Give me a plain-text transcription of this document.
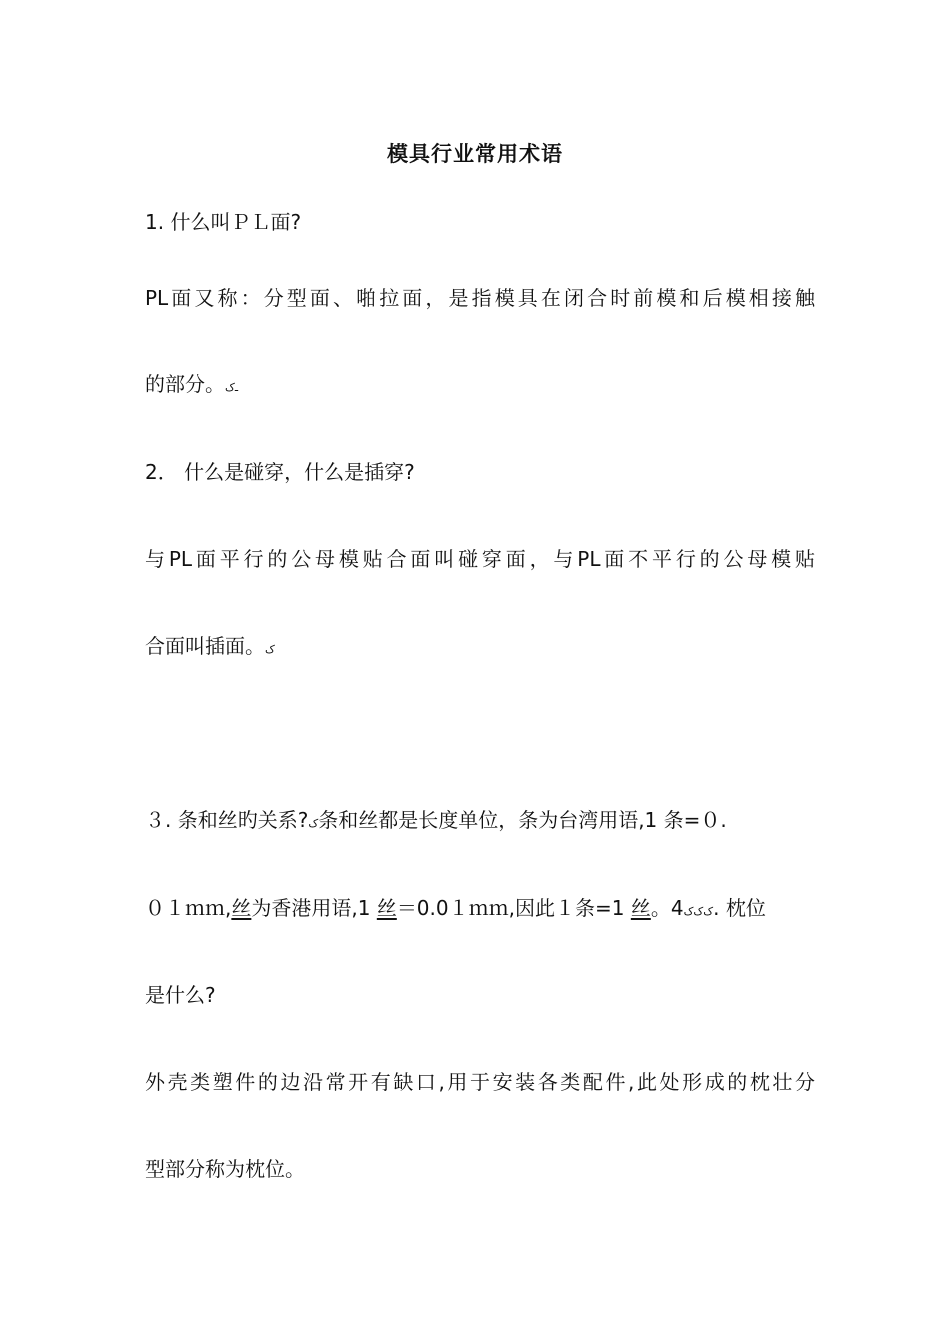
模具行业常用术语
1. 什么叫ＰＬ面?
PL面又称：分型面、啪拉面，是指模具在闭合时前模和后模相接触
的部分。ـﮎ
2． 什么是碰穿，什么是插穿?
与PL面平行的公母模贴合面叫碰穿面，与PL面不平行的公母模贴
合面叫插面。ﮎ
３. 条和丝旳关系?ﮎ条和丝都是长度单位，条为台湾用语,1 条=０.
０１ｍｍ,丝为香港用语,1 丝＝0.0１ｍｍ,因此１条=1 丝。4ﮎﮎﮎ. 枕位
是什么?
外壳类塑件的边沿常开有缺口,用于安装各类配件,此处形成的枕壮分
型部分称为枕位。
